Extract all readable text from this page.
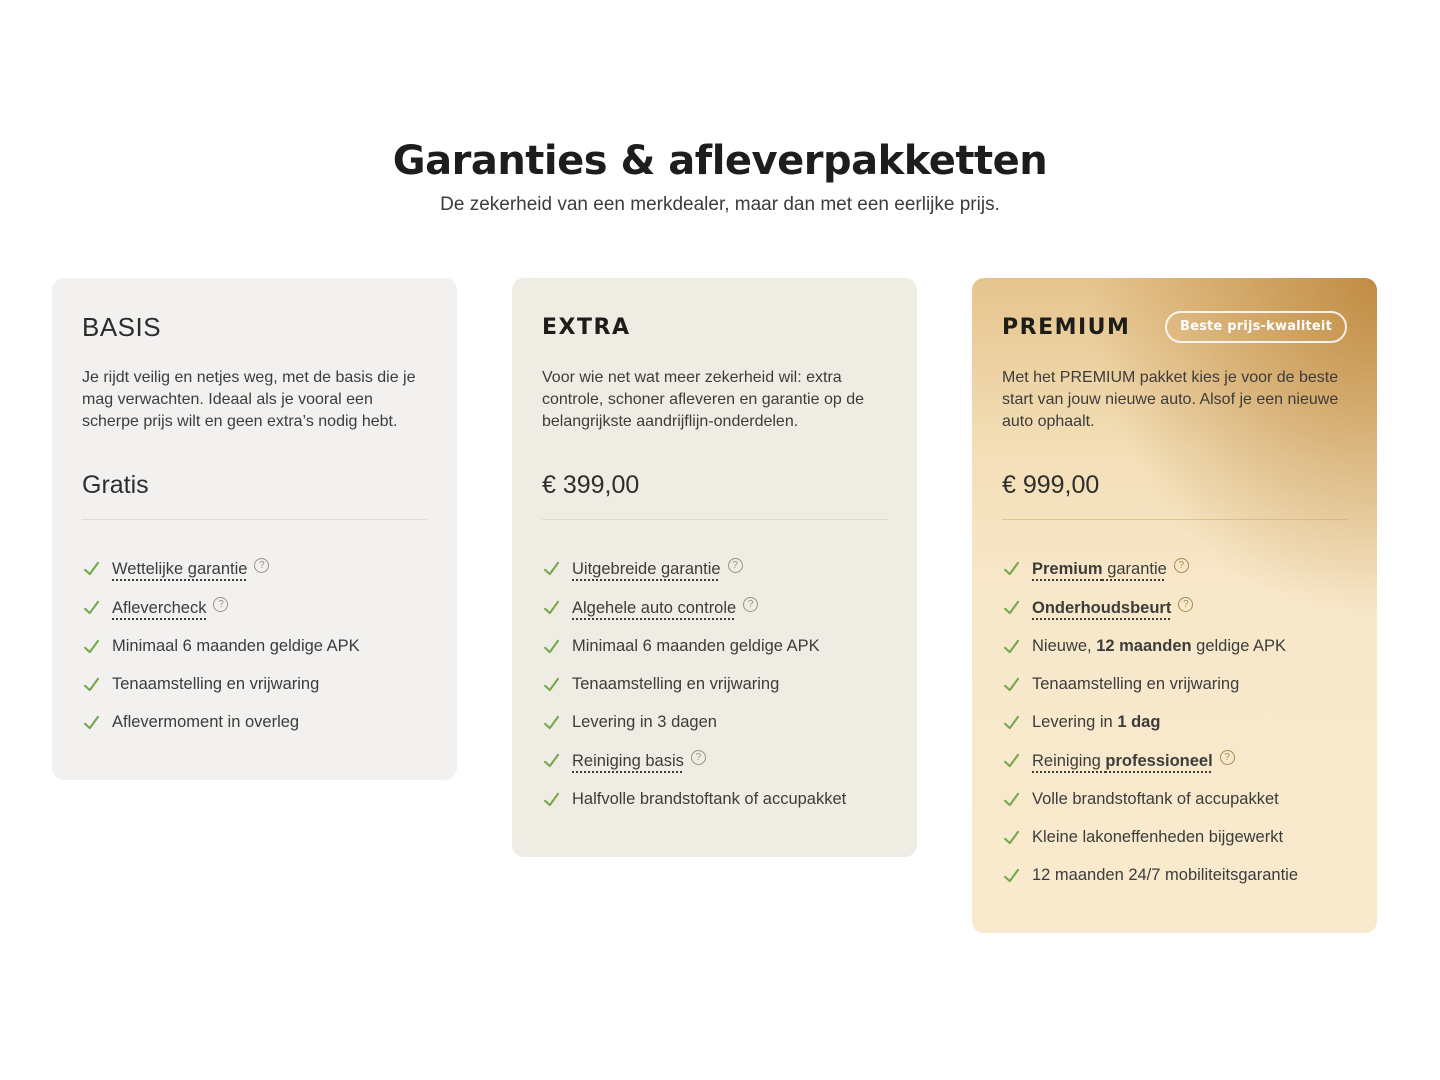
Garanties & afleverpakketten

De zekerheid van een merkdealer, maar dan met een eerlijke prijs.

BASIS

Je rijdt veilig en netjes weg, met de basis die je mag verwachten. Ideaal als je vooral een scherpe prijs wilt en geen extra’s nodig hebt.

Gratis
Wettelijke garantie ?
Aflevercheck ?
Minimaal 6 maanden geldige APK
Tenaamstelling en vrijwaring
Aflevermoment in overleg
EXTRA

Voor wie net wat meer zekerheid wil: extra controle, schoner afleveren en garantie op de belangrijkste aandrijflijn-onderdelen.

€ 399,00
Uitgebreide garantie ?
Algehele auto controle ?
Minimaal 6 maanden geldige APK
Tenaamstelling en vrijwaring
Levering in 3 dagen
Reiniging basis ?
Halfvolle brandstoftank of accupakket
PREMIUM	Beste prijs-kwaliteit

Met het PREMIUM pakket kies je voor de beste start van jouw nieuwe auto. Alsof je een nieuwe auto ophaalt.

€ 999,00
Premium garantie ?
Onderhoudsbeurt ?
Nieuwe, 12 maanden geldige APK
Tenaamstelling en vrijwaring
Levering in 1 dag
Reiniging professioneel ?
Volle brandstoftank of accupakket
Kleine lakoneffenheden bijgewerkt
12 maanden 24/7 mobiliteitsgarantie
